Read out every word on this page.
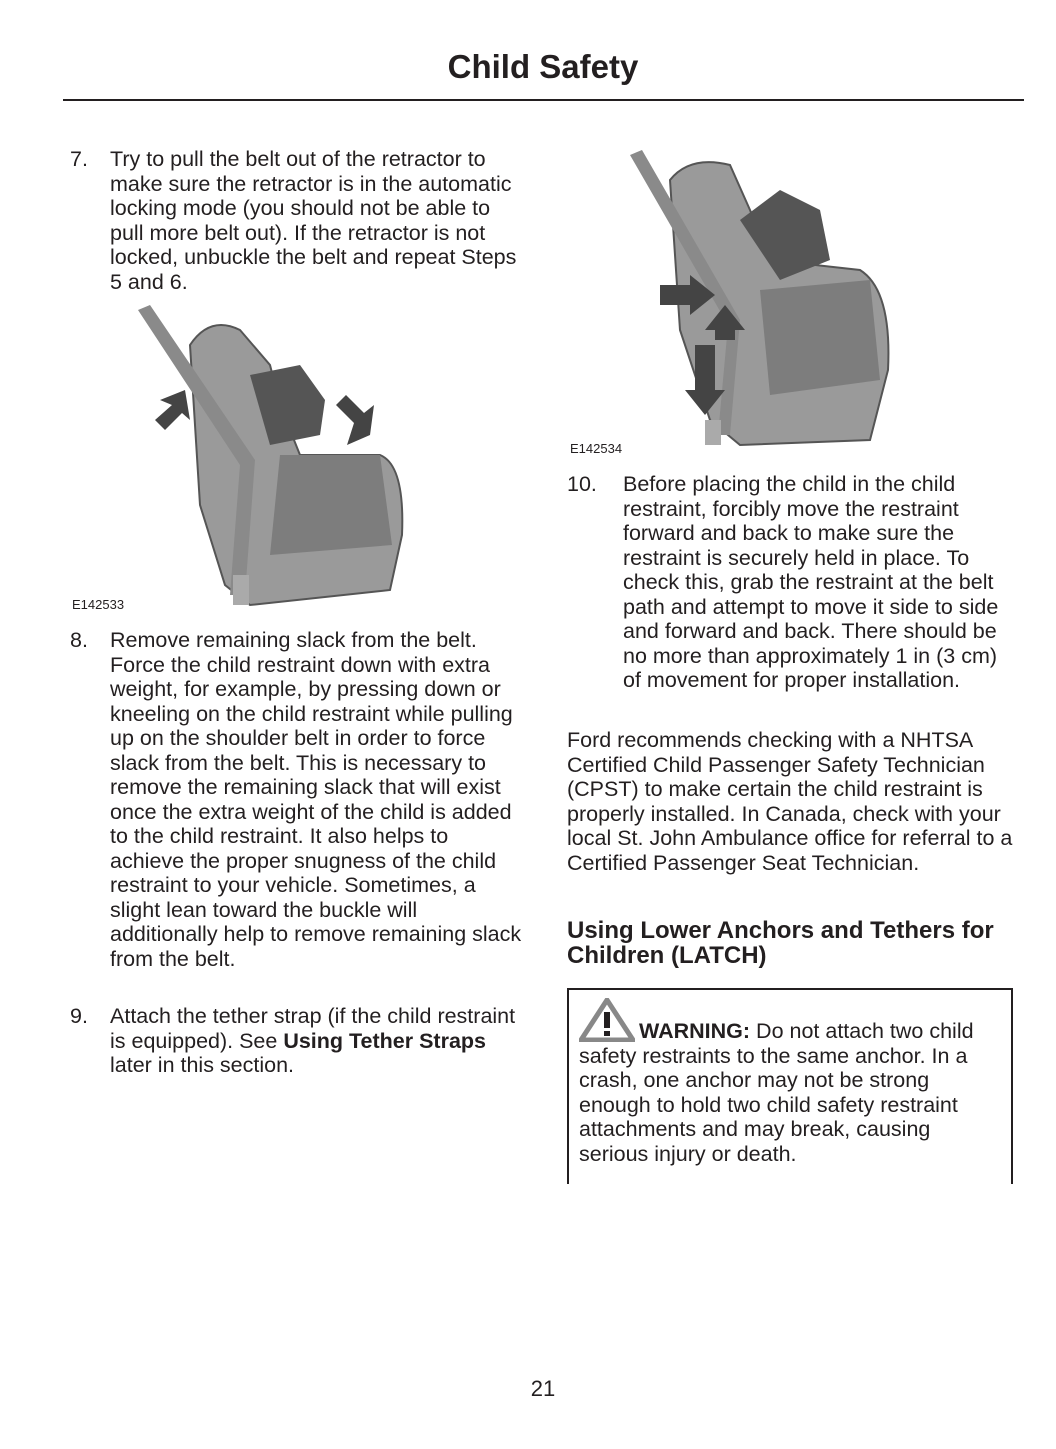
Child Safety
7.	Try to pull the belt out of the retractor to make sure the retractor is in the automatic locking mode (you should not be able to pull more belt out). If the retractor is not locked, unbuckle the belt and repeat Steps 5 and 6.
E142533
8.	Remove remaining slack from the belt. Force the child restraint down with extra weight, for example, by pressing down or kneeling on the child restraint while pulling up on the shoulder belt in order to force slack from the belt. This is necessary to remove the remaining slack that will exist once the extra weight of the child is added to the child restraint. It also helps to achieve the proper snugness of the child restraint to your vehicle. Sometimes, a slight lean toward the buckle will additionally help to remove remaining slack from the belt.
9.	Attach the tether strap (if the child restraint is equipped). See Using Tether Straps later in this section.
E142534
10.	Before placing the child in the child restraint, forcibly move the restraint forward and back to make sure the restraint is securely held in place. To check this, grab the restraint at the belt path and attempt to move it side to side and forward and back. There should be no more than approximately 1 in (3 cm) of movement for proper installation.
Ford recommends checking with a NHTSA Certified Child Passenger Safety Technician (CPST) to make certain the child restraint is properly installed. In Canada, check with your local St. John Ambulance office for referral to a Certified Passenger Seat Technician.
Using Lower Anchors and Tethers for Children (LATCH)
WARNING: Do not attach two child safety restraints to the same anchor. In a crash, one anchor may not be strong enough to hold two child safety restraint attachments and may break, causing serious injury or death.
21
